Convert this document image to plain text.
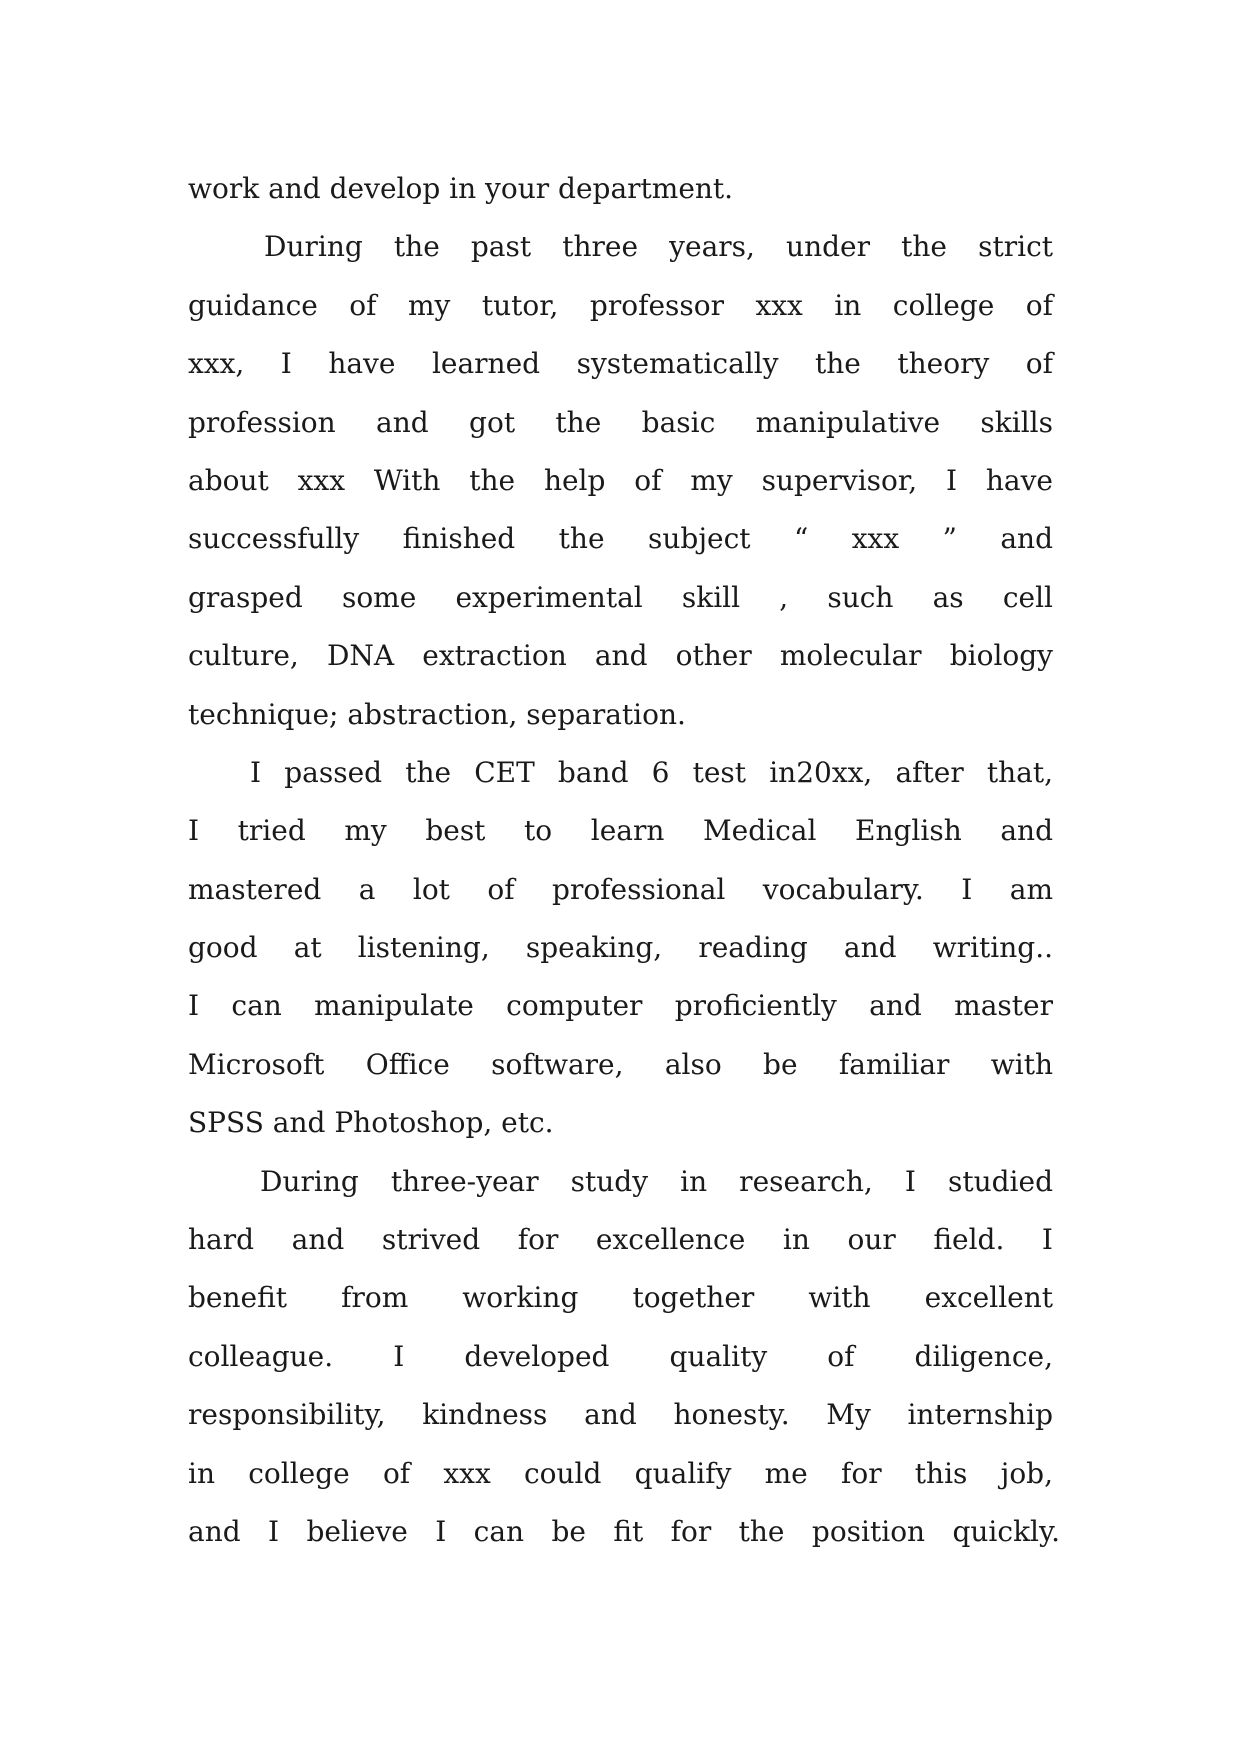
work and develop in your department.
During the past three years, under the strict
guidance of my tutor, professor xxx in college of
xxx, I have learned systematically the theory of
profession and got the basic manipulative skills
about xxx With the help of my supervisor, I have
successfully finished the subject “ xxx ” and
grasped some experimental skill , such as cell
culture, DNA extraction and other molecular biology
technique; abstraction, separation.
I passed the CET band 6 test in20xx, after that,
I tried my best to learn Medical English and
mastered a lot of professional vocabulary. I am
good at listening, speaking, reading and writing..
I can manipulate computer proficiently and master
Microsoft Office software, also be familiar with
SPSS and Photoshop, etc.
During three-year study in research, I studied
hard and strived for excellence in our field. I
benefit from working together with excellent
colleague. I developed quality of diligence,
responsibility, kindness and honesty. My internship
in college of xxx could qualify me for this job,
and I believe I can be fit for the position quickly.
